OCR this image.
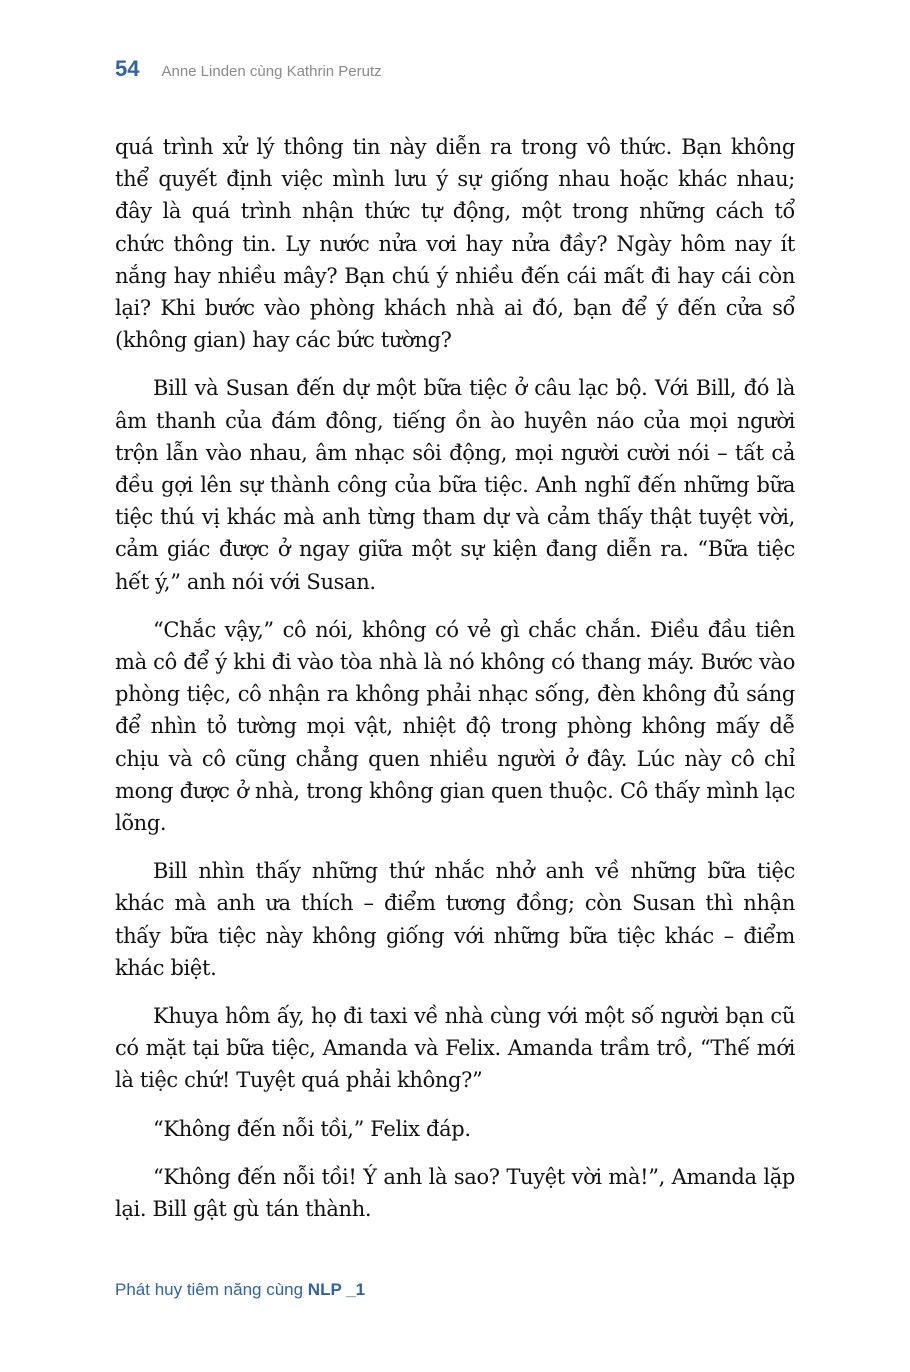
54 Anne Linden cùng Kathrin Perutz

quá trình xử lý thông tin này diễn ra trong vô thức. Bạn không thể quyết định việc mình lưu ý sự giống nhau hoặc khác nhau; đây là quá trình nhận thức tự động, một trong những cách tổ chức thông tin. Ly nước nửa vơi hay nửa đầy? Ngày hôm nay ít nắng hay nhiều mây? Bạn chú ý nhiều đến cái mất đi hay cái còn lại? Khi bước vào phòng khách nhà ai đó, bạn để ý đến cửa sổ (không gian) hay các bức tường?

Bill và Susan đến dự một bữa tiệc ở câu lạc bộ. Với Bill, đó là âm thanh của đám đông, tiếng ồn ào huyên náo của mọi người trộn lẫn vào nhau, âm nhạc sôi động, mọi người cười nói – tất cả đều gợi lên sự thành công của bữa tiệc. Anh nghĩ đến những bữa tiệc thú vị khác mà anh từng tham dự và cảm thấy thật tuyệt vời, cảm giác được ở ngay giữa một sự kiện đang diễn ra. “Bữa tiệc hết ý,” anh nói với Susan.

“Chắc vậy,” cô nói, không có vẻ gì chắc chắn. Điều đầu tiên mà cô để ý khi đi vào tòa nhà là nó không có thang máy. Bước vào phòng tiệc, cô nhận ra không phải nhạc sống, đèn không đủ sáng để nhìn tỏ tường mọi vật, nhiệt độ trong phòng không mấy dễ chịu và cô cũng chẳng quen nhiều người ở đây. Lúc này cô chỉ mong được ở nhà, trong không gian quen thuộc. Cô thấy mình lạc lõng.

Bill nhìn thấy những thứ nhắc nhở anh về những bữa tiệc khác mà anh ưa thích – điểm tương đồng; còn Susan thì nhận thấy bữa tiệc này không giống với những bữa tiệc khác – điểm khác biệt.

Khuya hôm ấy, họ đi taxi về nhà cùng với một số người bạn cũ có mặt tại bữa tiệc, Amanda và Felix. Amanda trầm trồ, “Thế mới là tiệc chứ! Tuyệt quá phải không?”

“Không đến nỗi tồi,” Felix đáp.

“Không đến nỗi tồi! Ý anh là sao? Tuyệt vời mà!”, Amanda lặp lại. Bill gật gù tán thành.

Phát huy tiêm năng cùng NLP _1
